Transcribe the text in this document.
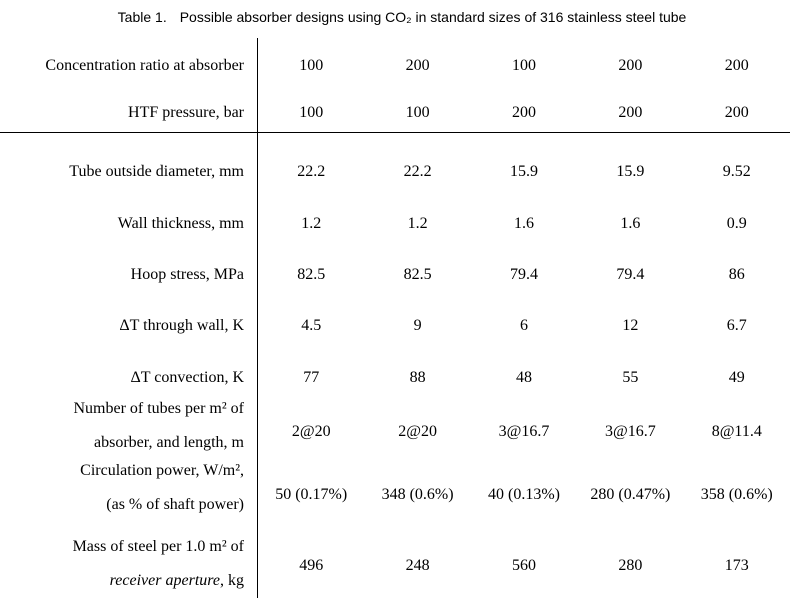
Table 1. Possible absorber designs using CO₂ in standard sizes of 316 stainless steel tube
Concentration ratio at absorber	100	200	100	200	200
HTF pressure, bar	100	100	200	200	200
Tube outside diameter, mm	22.2	22.2	15.9	15.9	9.52
Wall thickness, mm	1.2	1.2	1.6	1.6	0.9
Hoop stress, MPa	82.5	82.5	79.4	79.4	86
ΔT through wall, K	4.5	9	6	12	6.7
ΔT convection, K	77	88	48	55	49
Number of tubes per m² of
absorber, and length, m
2@20	2@20	3@16.7	3@16.7	8@11.4
Circulation power, W/m²,
(as % of shaft power)
50 (0.17%)	348 (0.6%)	40 (0.13%)	280 (0.47%)	358 (0.6%)
Mass of steel per 1.0 m² of
receiver aperture, kg
496	248	560	280	173
